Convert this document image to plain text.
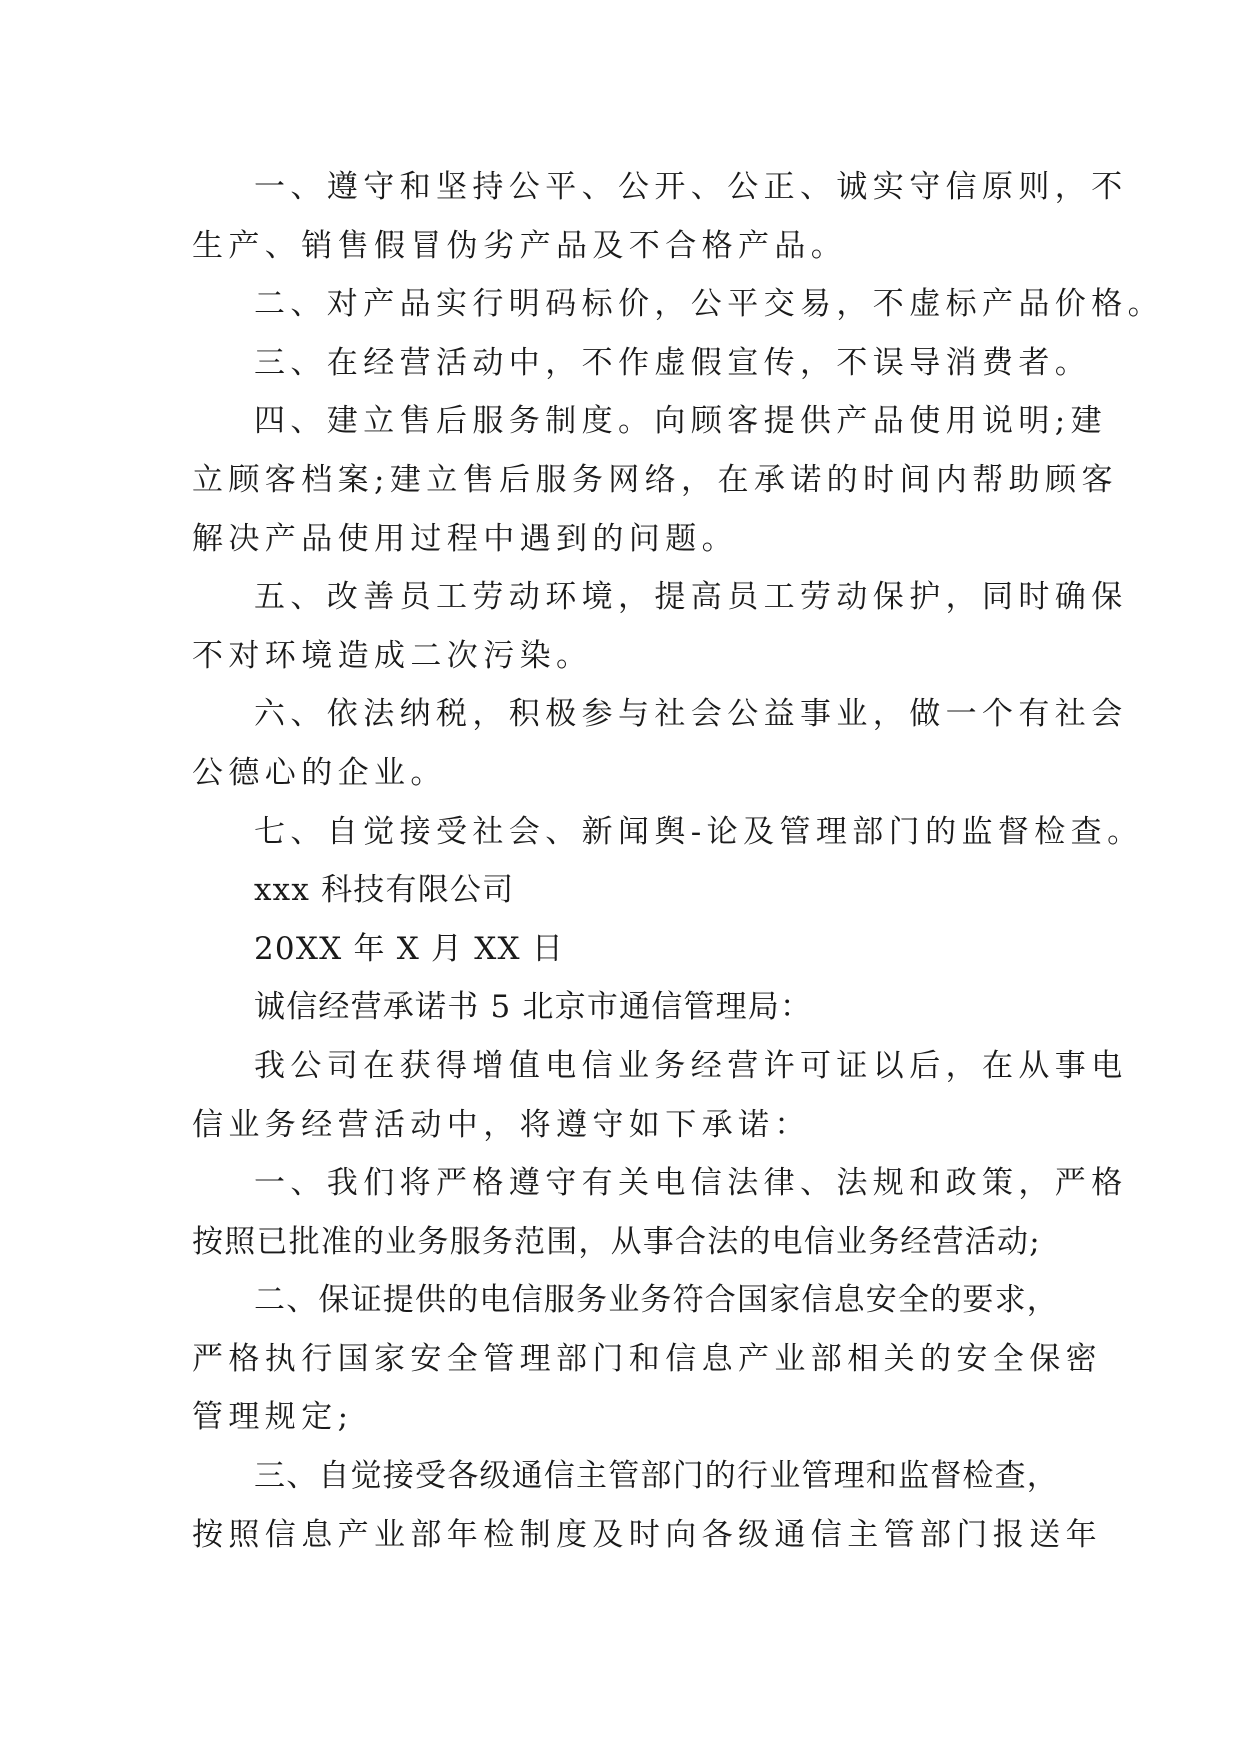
一、遵守和坚持公平、公开、公正、诚实守信原则，不
生产、销售假冒伪劣产品及不合格产品。
二、对产品实行明码标价，公平交易，不虚标产品价格。
三、在经营活动中，不作虚假宣传，不误导消费者。
四、建立售后服务制度。向顾客提供产品使用说明;建
立顾客档案;建立售后服务网络，在承诺的时间内帮助顾客
解决产品使用过程中遇到的问题。
五、改善员工劳动环境，提高员工劳动保护，同时确保
不对环境造成二次污染。
六、依法纳税，积极参与社会公益事业，做一个有社会
公德心的企业。
七、自觉接受社会、新闻舆-论及管理部门的监督检查。
xxx 科技有限公司
20XX 年 X 月 XX 日
诚信经营承诺书 5 北京市通信管理局：
我公司在获得增值电信业务经营许可证以后，在从事电
信业务经营活动中，将遵守如下承诺：
一、我们将严格遵守有关电信法律、法规和政策，严格
按照已批准的业务服务范围，从事合法的电信业务经营活动;
二、保证提供的电信服务业务符合国家信息安全的要求，
严格执行国家安全管理部门和信息产业部相关的安全保密
管理规定;
三、自觉接受各级通信主管部门的行业管理和监督检查，
按照信息产业部年检制度及时向各级通信主管部门报送年
